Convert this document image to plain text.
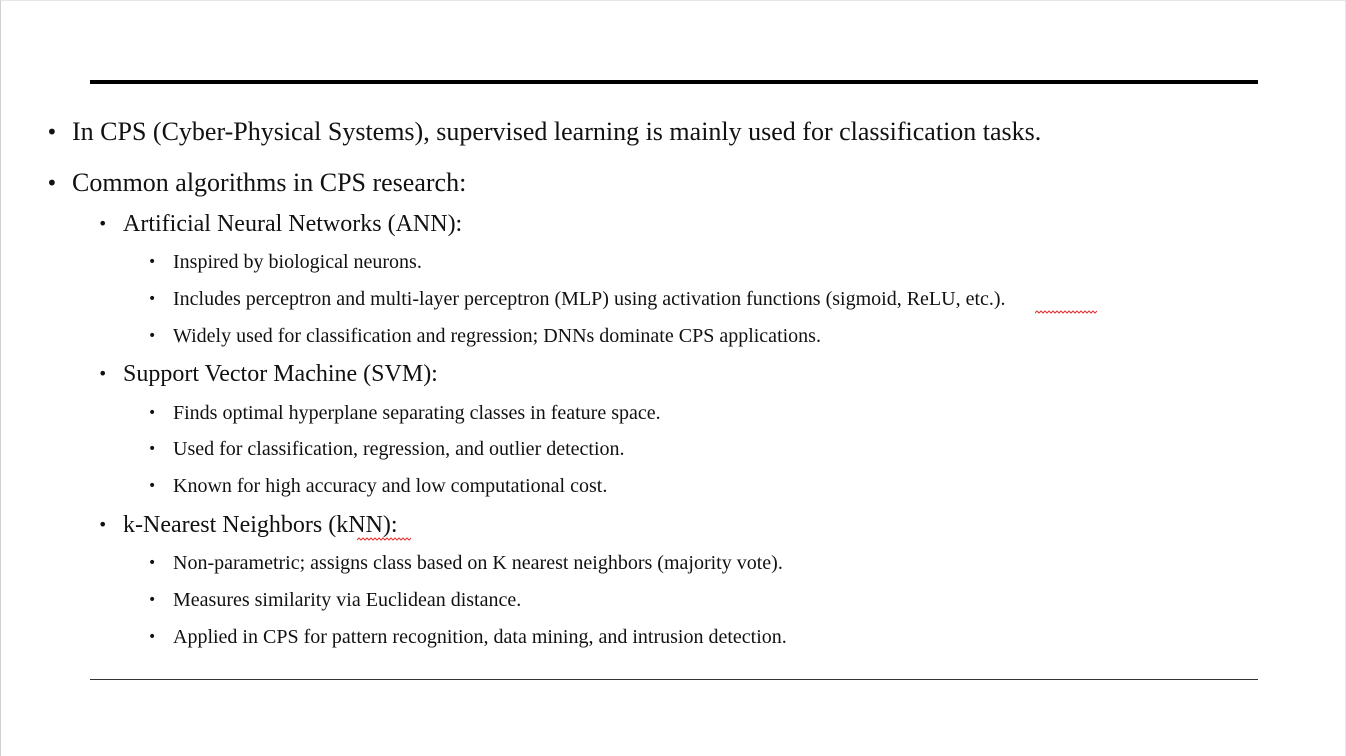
• In CPS (Cyber-Physical Systems), supervised learning is mainly used for classification tasks.
• Common algorithms in CPS research:
• Artificial Neural Networks (ANN):
• Inspired by biological neurons.
• Includes perceptron and multi-layer perceptron (MLP) using activation functions (sigmoid, ReLU, etc.).
• Widely used for classification and regression; DNNs dominate CPS applications.
• Support Vector Machine (SVM):
• Finds optimal hyperplane separating classes in feature space.
• Used for classification, regression, and outlier detection.
• Known for high accuracy and low computational cost.
• k-Nearest Neighbors (kNN):
• Non-parametric; assigns class based on K nearest neighbors (majority vote).
• Measures similarity via Euclidean distance.
• Applied in CPS for pattern recognition, data mining, and intrusion detection.
